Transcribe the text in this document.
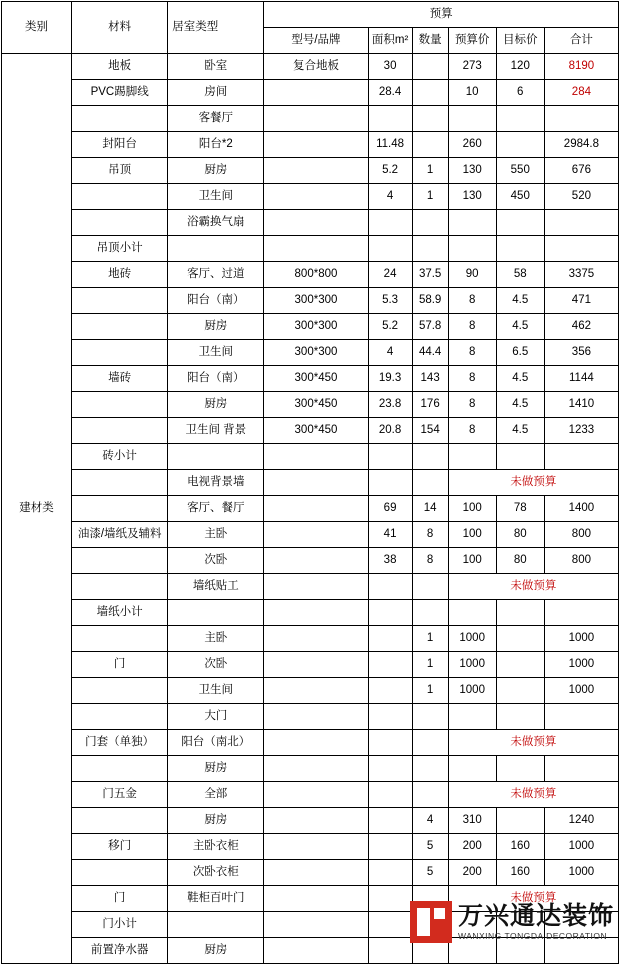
类别	材料	居室类型	预算					
			型号/品牌	面积m²	数量	预算价	目标价	合计
建材类	地板	卧室	复合地板	30		273	120	8190
	PVC踢脚线	房间		28.4		10	6	284
		客餐厅						
	封阳台	阳台*2		11.48		260		2984.8
	吊顶	厨房		5.2	1	130	550	676
		卫生间		4	1	130	450	520
		浴霸换气扇						
	吊顶小计							
	地砖	客厅、过道	800*800	24	37.5	90	58	3375
		阳台（南）	300*300	5.3	58.9	8	4.5	471
		厨房	300*300	5.2	57.8	8	4.5	462
		卫生间	300*300	4	44.4	8	6.5	356
	墙砖	阳台（南）	300*450	19.3	143	8	4.5	1144
		厨房	300*450	23.8	176	8	4.5	1410
		卫生间 背景	300*450	20.8	154	8	4.5	1233
	砖小计							
		电视背景墙				未做预算		
		客厅、餐厅		69	14	100	78	1400
	油漆/墙纸及辅料	主卧		41	8	100	80	800
		次卧		38	8	100	80	800
		墙纸贴工				未做预算		
	墙纸小计							
		主卧			1	1000		1000
	门	次卧			1	1000		1000
		卫生间			1	1000		1000
		大门						
	门套（单独）	阳台（南北）				未做预算		
		厨房						
	门五金	全部				未做预算		
		厨房			4	310		1240
	移门	主卧衣柜			5	200	160	1000
		次卧衣柜			5	200	160	1000
	门	鞋柜百叶门				未做预算		
	门小计							
	前置净水器	厨房						
万兴通达装饰
WANXING TONGDA DECORATION
